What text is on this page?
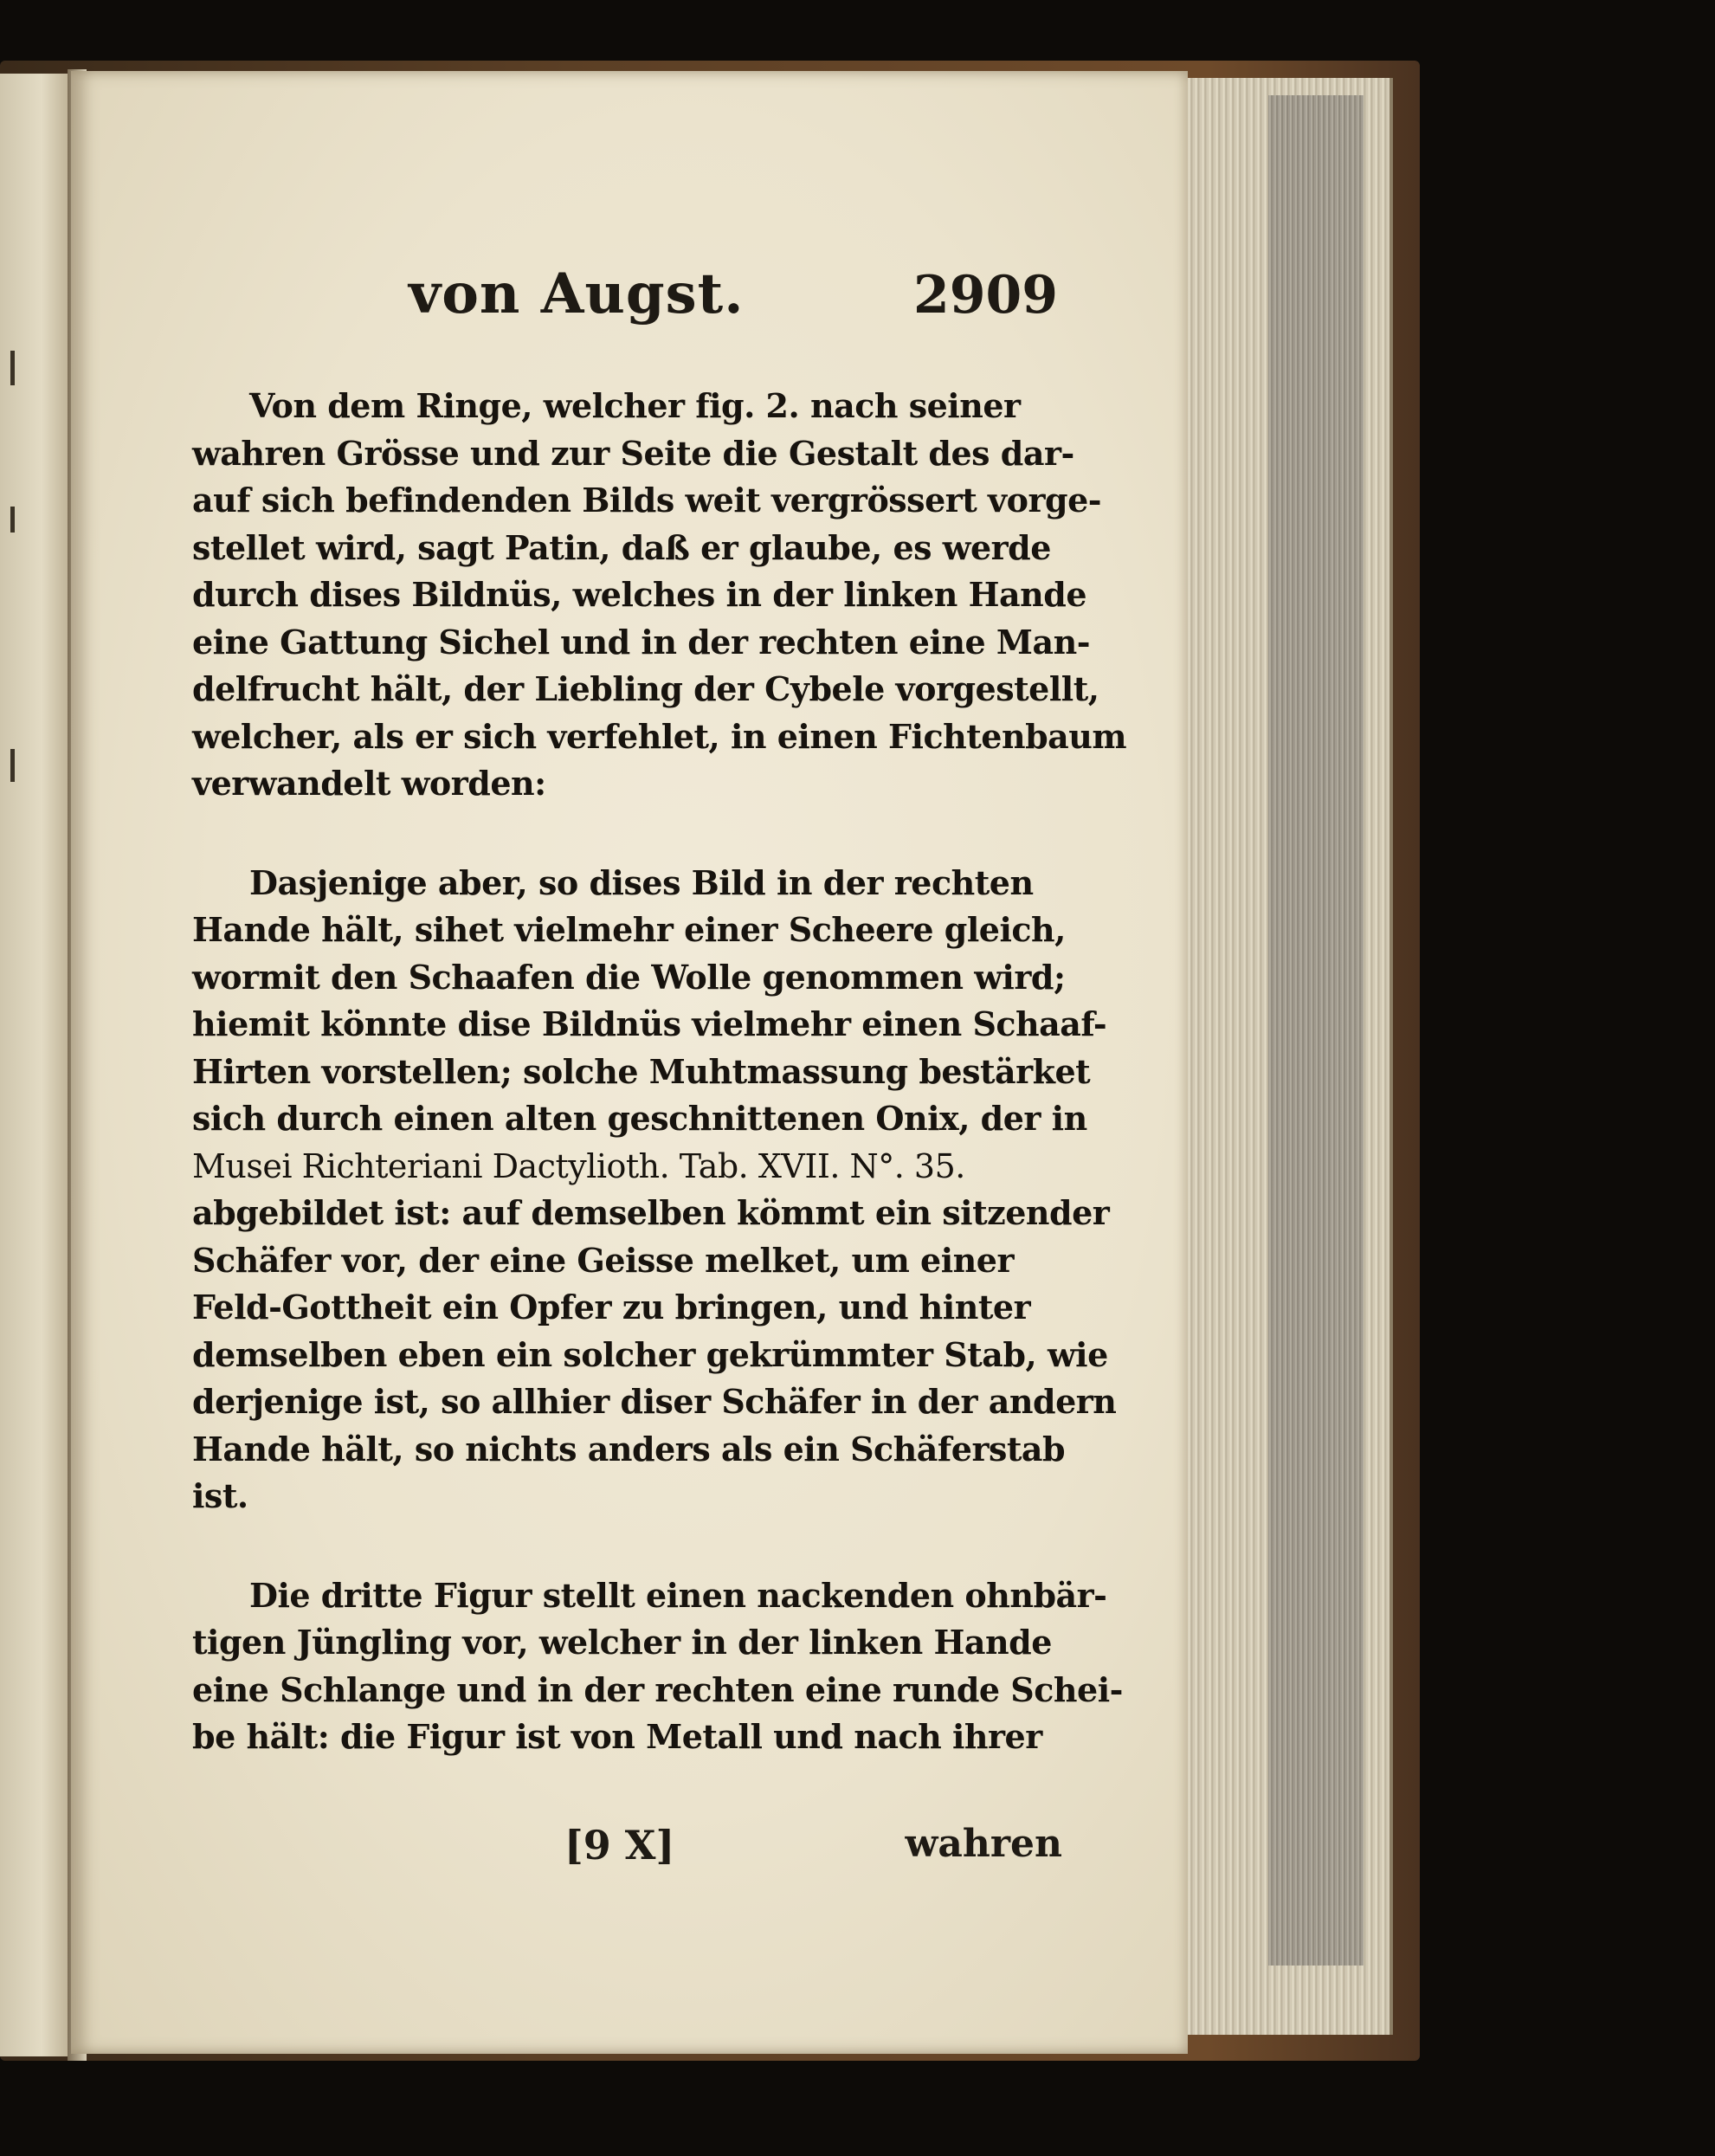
von Augst.	2909
Von dem Ringe, welcher fig. 2. nach seiner
wahren Grösse und zur Seite die Gestalt des dar-
auf sich befindenden Bilds weit vergrössert vorge-
stellet wird, sagt Patin, daß er glaube, es werde
durch dises Bildnüs, welches in der linken Hande
eine Gattung Sichel und in der rechten eine Man-
delfrucht hält, der Liebling der Cybele vorgestellt,
welcher, als er sich verfehlet, in einen Fichtenbaum
verwandelt worden:
Dasjenige aber, so dises Bild in der rechten
Hande hält, sihet vielmehr einer Scheere gleich,
wormit den Schaafen die Wolle genommen wird;
hiemit könnte dise Bildnüs vielmehr einen Schaaf-
Hirten vorstellen; solche Muhtmassung bestärket
sich durch einen alten geschnittenen Onix, der in
Musei Richteriani Dactylioth. Tab. XVII. N°. 35.
abgebildet ist: auf demselben kömmt ein sitzender
Schäfer vor, der eine Geisse melket, um einer
Feld-Gottheit ein Opfer zu bringen, und hinter
demselben eben ein solcher gekrümmter Stab, wie
derjenige ist, so allhier diser Schäfer in der andern
Hande hält, so nichts anders als ein Schäferstab
ist.
Die dritte Figur stellt einen nackenden ohnbär-
tigen Jüngling vor, welcher in der linken Hande
eine Schlange und in der rechten eine runde Schei-
be hält: die Figur ist von Metall und nach ihrer
[9 X]	wahren
